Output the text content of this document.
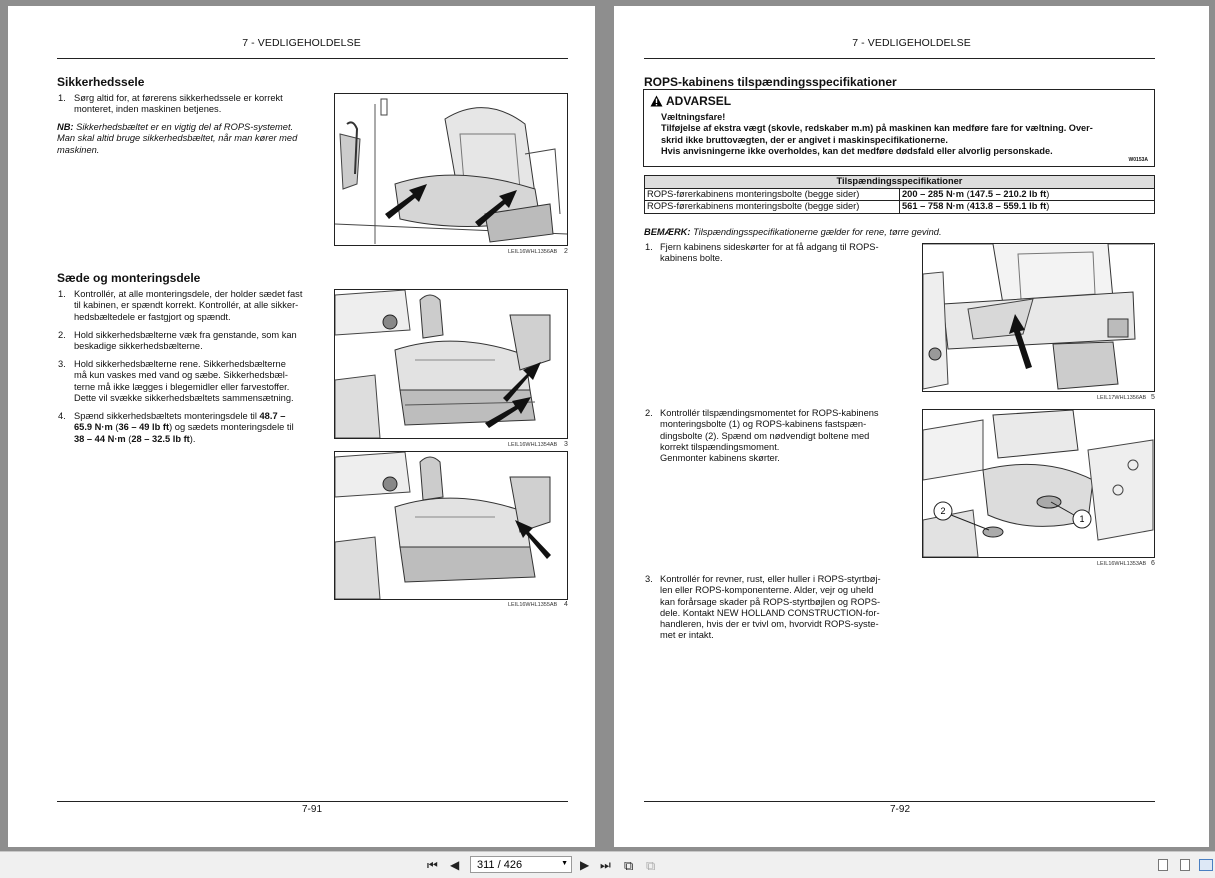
7 - VEDLIGEHOLDELSE
Sikkerhedssele
1. Sørg altid for, at førerens sikkerhedssele er korrekt
monteret, inden maskinen betjenes.
NB: Sikkerhedsbæltet er en vigtig del af ROPS-systemet.
Man skal altid bruge sikkerhedsbæltet, når man kører med
maskinen.
LEIL16WHL1356AB 2
Sæde og monteringsdele
1. Kontrollér, at alle monteringsdele, der holder sædet fast
til kabinen, er spændt korrekt. Kontrollér, at alle sikker-
hedsbæltedele er fastgjort og spændt.
2. Hold sikkerhedsbælterne væk fra genstande, som kan
beskadige sikkerhedsbælterne.
3. Hold sikkerhedsbælterne rene. Sikkerhedsbælterne
må kun vaskes med vand og sæbe. Sikkerhedsbæl-
terne må ikke lægges i blegemidler eller farvestoffer.
Dette vil svække sikkerhedsbæltets sammensætning.
4. Spænd sikkerhedsbæltets monteringsdele til 48.7 –
65.9 N·m (36 – 49 lb ft) og sædets monteringsdele til
38 – 44 N·m (28 – 32.5 lb ft).
LEIL16WHL1354AB 3
LEIL16WHL1355AB 4
7-91
7 - VEDLIGEHOLDELSE
ROPS-kabinens tilspændingsspecifikationer
ADVARSEL
Væltningsfare!
Tilføjelse af ekstra vægt (skovle, redskaber m.m) på maskinen kan medføre fare for væltning. Over-
skrid ikke bruttovægten, der er angivet i maskinspecifikationerne.
Hvis anvisningerne ikke overholdes, kan det medføre dødsfald eller alvorlig personskade.
W0153A
Tilspændingsspecifikationer	
ROPS-førerkabinens monteringsbolte (begge sider)	200 – 285 N·m (147.5 – 210.2 lb ft)
ROPS-førerkabinens monteringsbolte (begge sider)	561 – 758 N·m (413.8 – 559.1 lb ft)
BEMÆRK: Tilspændingsspecifikationerne gælder for rene, tørre gevind.
1. Fjern kabinens sideskørter for at få adgang til ROPS-
kabinens bolte.
2. Kontrollér tilspændingsmomentet for ROPS-kabinens
monteringsbolte (1) og ROPS-kabinens fastspæn-
dingsbolte (2). Spænd om nødvendigt boltene med
korrekt tilspændingsmoment.
Genmonter kabinens skørter.
3. Kontrollér for revner, rust, eller huller i ROPS-styrtbøj-
len eller ROPS-komponenterne. Alder, vejr og uheld
kan forårsage skader på ROPS-styrtbøjlen og ROPS-
dele. Kontakt NEW HOLLAND CONSTRUCTION-for-
handleren, hvis der er tvivl om, hvorvidt ROPS-syste-
met er intakt.
LEIL17WHL1356AB 5
1
2
LEIL16WHL1353AB 6
7-92
⏮ ◀ 311 / 426	▼ ▶ ⏭ ⧉ ⧉
